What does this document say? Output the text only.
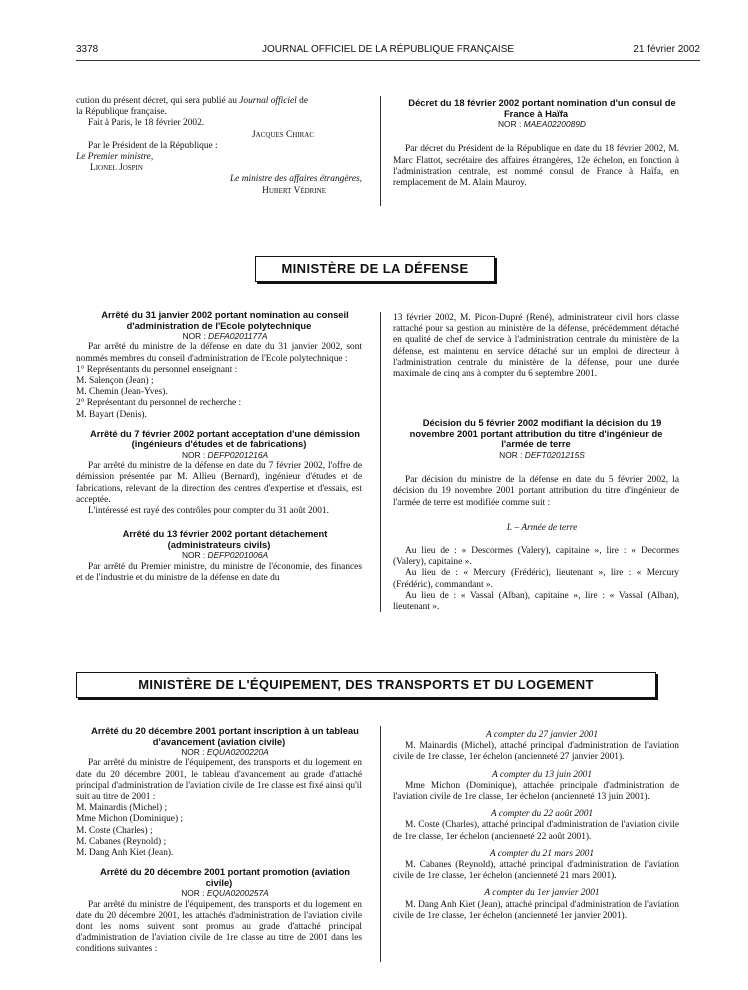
3378	JOURNAL OFFICIEL DE LA RÉPUBLIQUE FRANÇAISE	21 février 2002

cution du présent décret, qui sera publié au Journal officiel de

la République française.

Fait à Paris, le 18 février 2002.

Jacques Chirac

Par le Président de la République :

Le Premier ministre,

Lionel Jospin

Le ministre des affaires étrangères,

Hubert Védrine

Décret du 18 février 2002 portant nomination d'un consul de France à Haïfa

NOR : MAEA0220089D

Par décret du Président de la République en date du 18 février 2002, M. Marc Flattot, secrétaire des affaires étrangères, 12e échelon, en fonction à l'administration centrale, est nommé consul de France à Haïfa, en remplacement de M. Alain Mauroy.

MINISTÈRE DE LA DÉFENSE

Arrêté du 31 janvier 2002 portant nomination au conseil d'administration de l'Ecole polytechnique

NOR : DEFA0201177A

Par arrêté du ministre de la défense en date du 31 janvier 2002, sont nommés membres du conseil d'administration de l'Ecole polytechnique :

1° Représentants du personnel enseignant :

M. Salençon (Jean) ;

M. Chemin (Jean-Yves).

2° Représentant du personnel de recherche :

M. Bayart (Denis).

Arrêté du 7 février 2002 portant acceptation d'une démission (ingénieurs d'études et de fabrications)

NOR : DEFP0201216A

Par arrêté du ministre de la défense en date du 7 février 2002, l'offre de démission présentée par M. Allieu (Bernard), ingénieur d'études et de fabrications, relevant de la direction des centres d'expertise et d'essais, est acceptée.

L'intéressé est rayé des contrôles pour compter du 31 août 2001.

Arrêté du 13 février 2002 portant détachement (administrateurs civils)

NOR : DEFP0201006A

Par arrêté du Premier ministre, du ministre de l'économie, des finances et de l'industrie et du ministre de la défense en date du

13 février 2002, M. Picon-Dupré (René), administrateur civil hors classe rattaché pour sa gestion au ministère de la défense, précédemment détaché en qualité de chef de service à l'administration centrale du ministère de la défense, est maintenu en service détaché sur un emploi de directeur à l'administration centrale du ministère de la défense, pour une durée maximale de cinq ans à compter du 6 septembre 2001.

Décision du 5 février 2002 modifiant la décision du 19 novembre 2001 portant attribution du titre d'ingénieur de l'armée de terre

NOR : DEFT0201215S

Par décision du ministre de la défense en date du 5 février 2002, la décision du 19 novembre 2001 portant attribution du titre d'ingénieur de l'armée de terre est modifiée comme suit :

I. – Armée de terre

Au lieu de : « Descormes (Valery), capitaine », lire : « Decormes (Valery), capitaine ».

Au lieu de : « Mercury (Frédéric), lieutenant », lire : « Mercury (Frédéric), commandant ».

Au lieu de : « Vassal (Alban), capitaine », lire : « Vassal (Alban), lieutenant ».

MINISTÈRE DE L'ÉQUIPEMENT, DES TRANSPORTS ET DU LOGEMENT

Arrêté du 20 décembre 2001 portant inscription à un tableau d'avancement (aviation civile)

NOR : EQUA0200220A

Par arrêté du ministre de l'équipement, des transports et du logement en date du 20 décembre 2001, le tableau d'avancement au grade d'attaché principal d'administration de l'aviation civile de 1re classe est fixé ainsi qu'il suit au titre de 2001 :

M. Mainardis (Michel) ;

Mme Michon (Dominique) ;

M. Coste (Charles) ;

M. Cabanes (Reynold) ;

M. Dang Anh Kiet (Jean).

Arrêté du 20 décembre 2001 portant promotion (aviation civile)

NOR : EQUA0200257A

Par arrêté du ministre de l'équipement, des transports et du logement en date du 20 décembre 2001, les attachés d'administration de l'aviation civile dont les noms suivent sont promus au grade d'attaché principal d'administration de l'aviation civile de 1re classe au titre de 2001 dans les conditions suivantes :

A compter du 27 janvier 2001

M. Mainardis (Michel), attaché principal d'administration de l'aviation civile de 1re classe, 1er échelon (ancienneté 27 janvier 2001).

A compter du 13 juin 2001

Mme Michon (Dominique), attachée principale d'administration de l'aviation civile de 1re classe, 1er échelon (ancienneté 13 juin 2001).

A compter du 22 août 2001

M. Coste (Charles), attaché principal d'administration de l'aviation civile de 1re classe, 1er échelon (ancienneté 22 août 2001).

A compter du 21 mars 2001

M. Cabanes (Reynold), attaché principal d'administration de l'aviation civile de 1re classe, 1er échelon (ancienneté 21 mars 2001).

A compter du 1er janvier 2001

M. Dang Anh Kiet (Jean), attaché principal d'administration de l'aviation civile de 1re classe, 1er échelon (ancienneté 1er janvier 2001).
